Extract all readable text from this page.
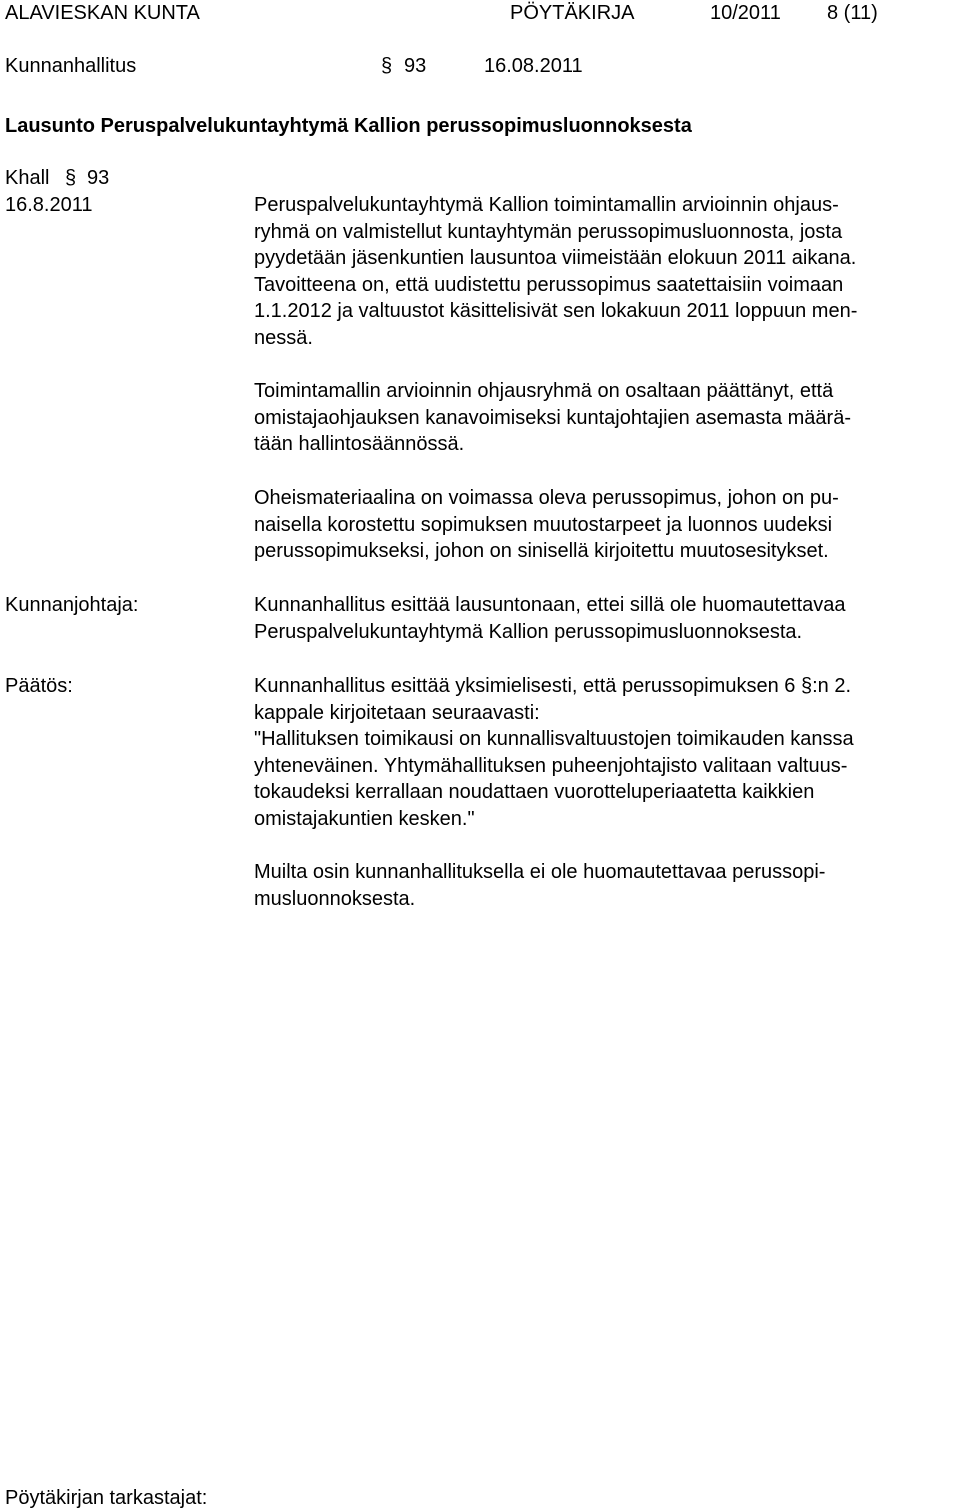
ALAVIESKAN KUNTA	PÖYTÄKIRJA	10/2011 8 (11)
Kunnanhallitus	§ 93	16.08.2011
Lausunto Peruspalvelukuntayhtymä Kallion perussopimusluonnoksesta
Khall § 93
16.8.2011	Peruspalvelukuntayhtymä Kallion toimintamallin arvioinnin ohjaus-
ryhmä on valmistellut kuntayhtymän perussopimusluonnosta, josta
pyydetään jäsenkuntien lausuntoa viimeistään elokuun 2011 aikana.
Tavoitteena on, että uudistettu perussopimus saatettaisiin voimaan
1.1.2012 ja valtuustot käsittelisivät sen lokakuun 2011 loppuun men-
nessä.
Toimintamallin arvioinnin ohjausryhmä on osaltaan päättänyt, että
omistajaohjauksen kanavoimiseksi kuntajohtajien asemasta määrä-
tään hallintosäännössä.
Oheismateriaalina on voimassa oleva perussopimus, johon on pu-
naisella korostettu sopimuksen muutostarpeet ja luonnos uudeksi
perussopimukseksi, johon on sinisellä kirjoitettu muutosesitykset.
Kunnanjohtaja:	Kunnanhallitus esittää lausuntonaan, ettei sillä ole huomautettavaa
Peruspalvelukuntayhtymä Kallion perussopimusluonnoksesta.
Päätös:	Kunnanhallitus esittää yksimielisesti, että perussopimuksen 6 §:n 2.
kappale kirjoitetaan seuraavasti:
"Hallituksen toimikausi on kunnallisvaltuustojen toimikauden kanssa
yhteneväinen. Yhtymähallituksen puheenjohtajisto valitaan valtuus-
tokaudeksi kerrallaan noudattaen vuorotteluperiaatetta kaikkien
omistajakuntien kesken."
Muilta osin kunnanhallituksella ei ole huomautettavaa perussopi-
musluonnoksesta.
Pöytäkirjan tarkastajat:
